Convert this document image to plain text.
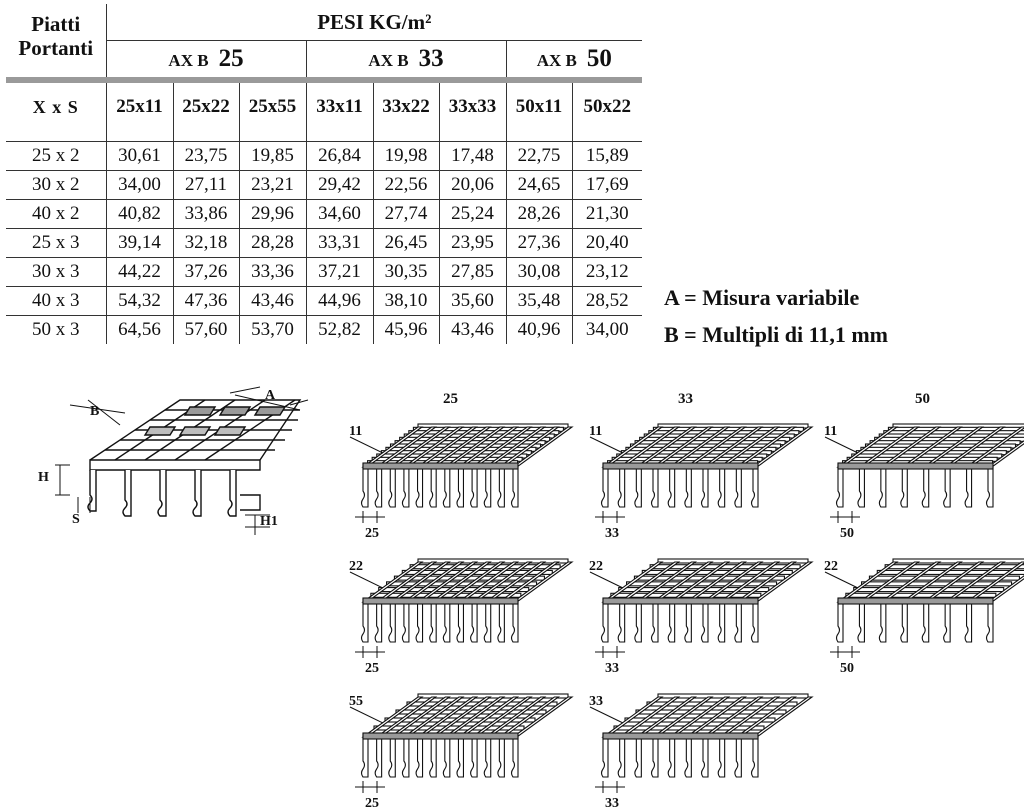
Piatti
Portanti	PESI KG/m²							
	AX B 25			AX B 33			AX B 50	
X x S	25x11	25x22	25x55	33x11	33x22	33x33	50x11	50x22

25 x 2	30,61	23,75	19,85	26,84	19,98	17,48	22,75	15,89
30 x 2	34,00	27,11	23,21	29,42	22,56	20,06	24,65	17,69
40 x 2	40,82	33,86	29,96	34,60	27,74	25,24	28,26	21,30
25 x 3	39,14	32,18	28,28	33,31	26,45	23,95	27,36	20,40
30 x 3	44,22	37,26	33,36	37,21	30,35	27,85	30,08	23,12
40 x 3	54,32	47,36	43,46	44,96	38,10	35,60	35,48	28,52
50 x 3	64,56	57,60	53,70	52,82	45,96	43,46	40,96	34,00
A = Misura variabile
B = Multipli di 11,1 mm
B
A
H
S	H1
25	33	50
11
25
11
33
11
50
22
25
22
33
22
50
55
25
33
33
